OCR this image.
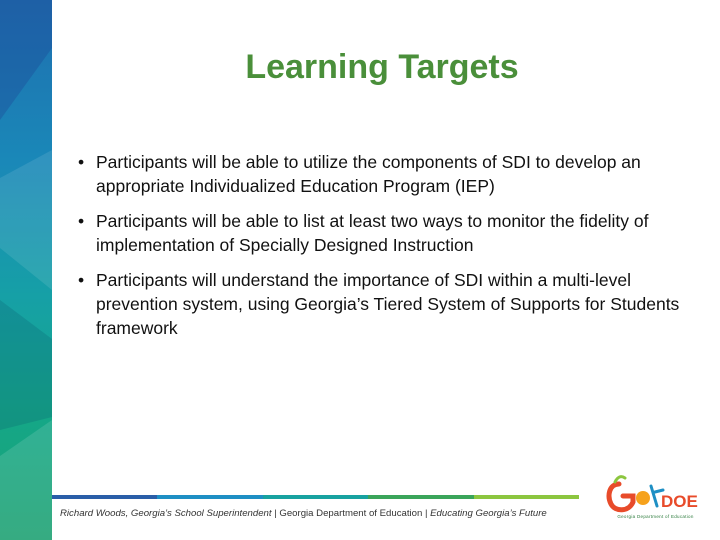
Learning Targets
• Participants will be able to utilize the components of SDI to develop an appropriate Individualized Education Program (IEP)
• Participants will be able to list at least two ways to monitor the fidelity of implementation of Specially Designed Instruction
• Participants will understand the importance of SDI within a multi-level prevention system, using Georgia’s Tiered System of Supports for Students framework
Richard Woods, Georgia’s School Superintendent | Georgia Department of Education | Educating Georgia’s Future
DOE
Georgia Department of Education
